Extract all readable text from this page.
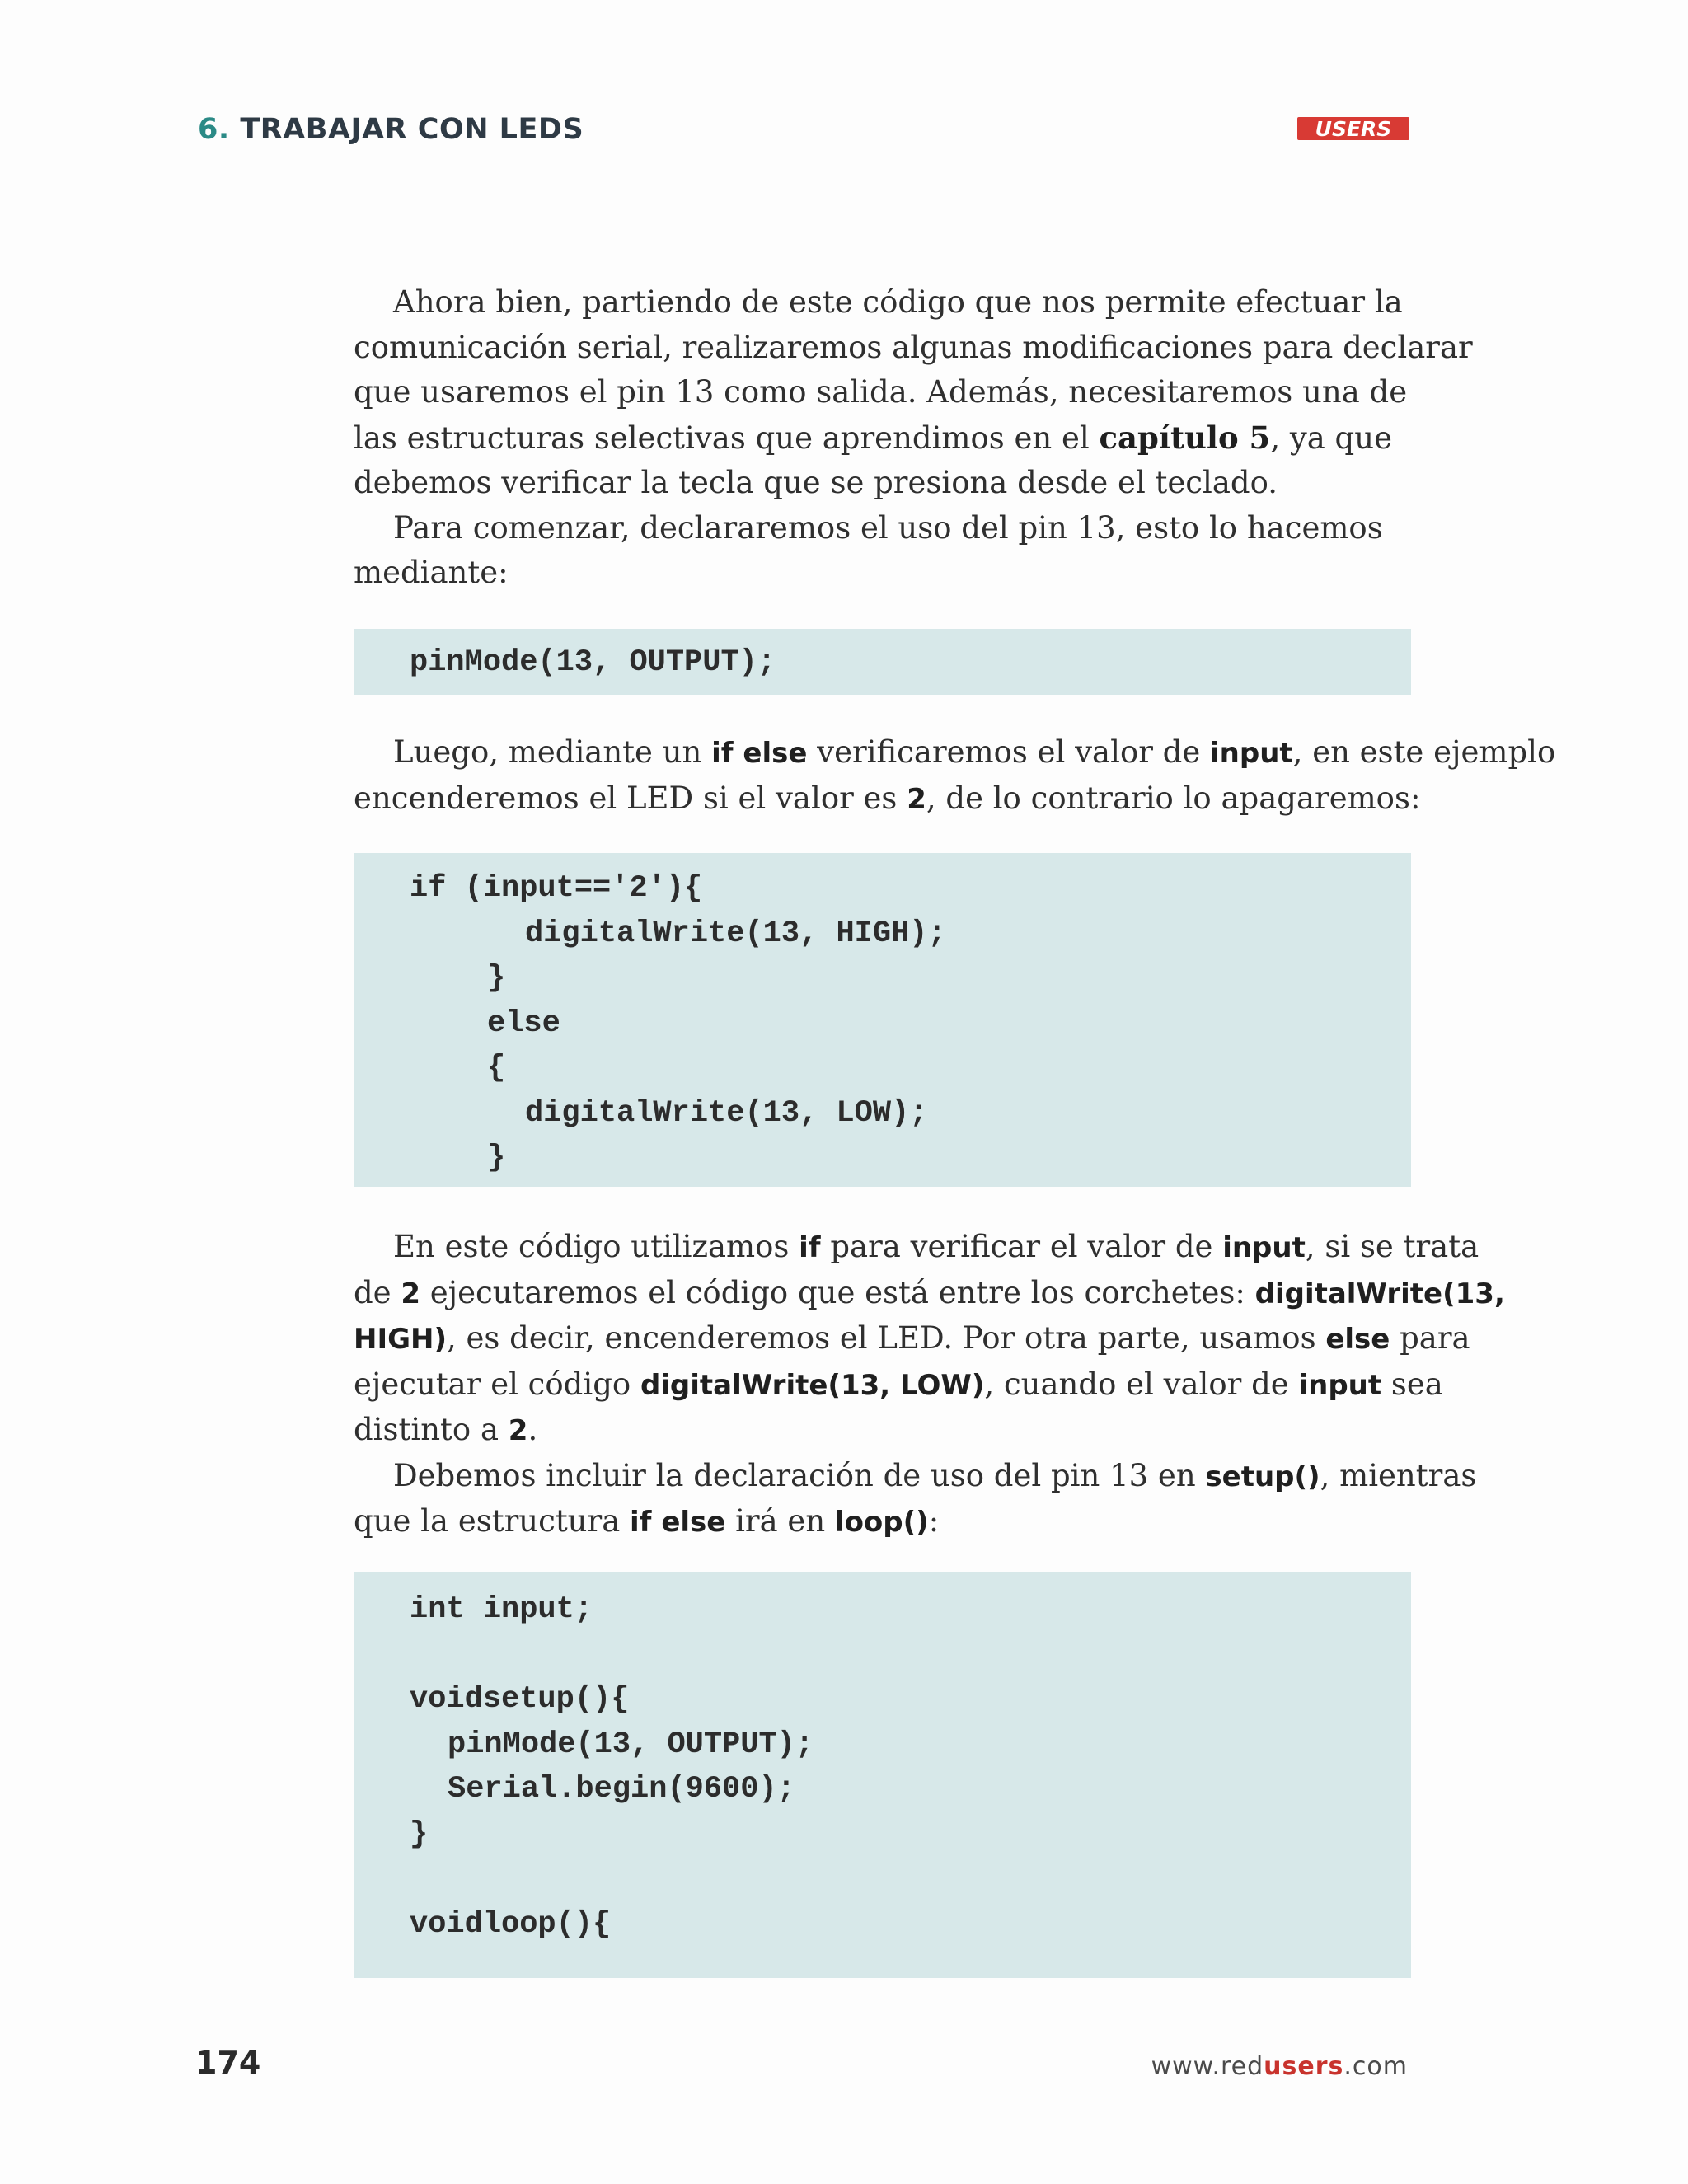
6. TRABAJAR CON LEDS	USERS

Ahora bien, partiendo de este código que nos permite efectuar la

comunicación serial, realizaremos algunas modificaciones para declarar

que usaremos el pin 13 como salida. Además, necesitaremos una de

las estructuras selectivas que aprendimos en el capítulo 5, ya que

debemos verificar la tecla que se presiona desde el teclado.

Para comenzar, declararemos el uso del pin 13, esto lo hacemos

mediante:

pinMode(13, OUTPUT);

Luego, mediante un if else verificaremos el valor de input, en este ejemplo

encenderemos el LED si el valor es 2, de lo contrario lo apagaremos:

if (input=='2'){
digitalWrite(13, HIGH);
}
else
{
digitalWrite(13, LOW);
}

En este código utilizamos if para verificar el valor de input, si se trata

de 2 ejecutaremos el código que está entre los corchetes: digitalWrite(13,

HIGH), es decir, encenderemos el LED. Por otra parte, usamos else para

ejecutar el código digitalWrite(13, LOW), cuando el valor de input sea

distinto a 2.

Debemos incluir la declaración de uso del pin 13 en setup(), mientras

que la estructura if else irá en loop():

int input;
voidsetup(){
pinMode(13, OUTPUT);
Serial.begin(9600);
}
voidloop(){
174	www.redusers.com
